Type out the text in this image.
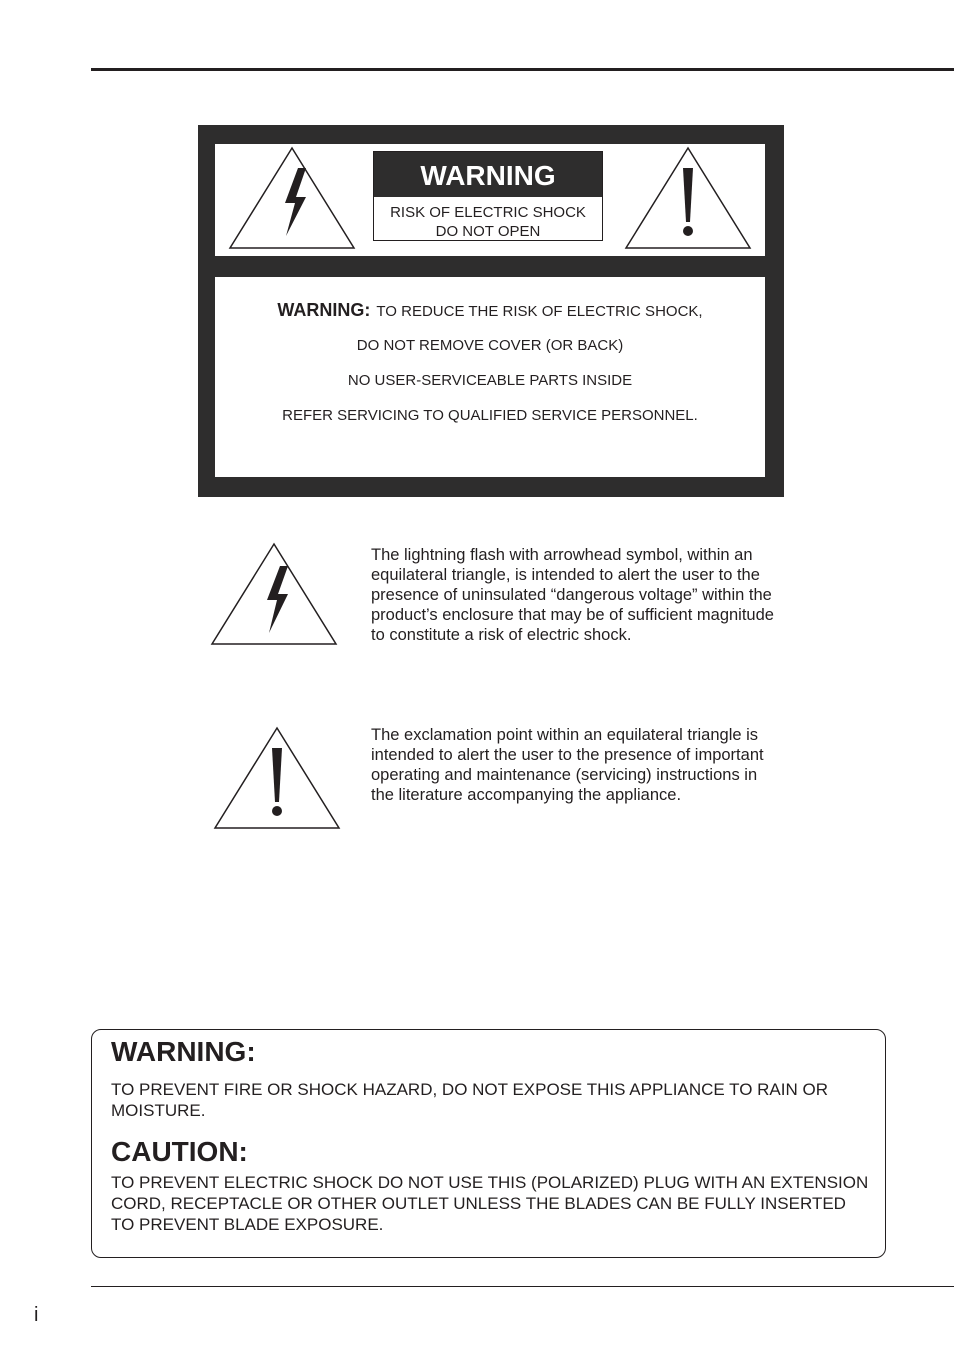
WARNING
RISK OF ELECTRIC SHOCK
DO NOT OPEN
WARNING: TO REDUCE THE RISK OF ELECTRIC SHOCK,
DO NOT REMOVE COVER (OR BACK)
NO USER-SERVICEABLE PARTS INSIDE
REFER SERVICING TO QUALIFIED SERVICE PERSONNEL.
The lightning flash with arrowhead symbol, within an equilateral triangle, is intended to alert the user to the presence of uninsulated “dangerous voltage” within the product’s enclosure that may be of sufficient magnitude to constitute a risk of electric shock.
The exclamation point within an equilateral triangle is intended to alert the user to the presence of important operating and maintenance (servicing) instructions in the literature accompanying the appliance.
WARNING:
TO PREVENT FIRE OR SHOCK HAZARD, DO NOT EXPOSE THIS APPLIANCE TO RAIN OR MOISTURE.
CAUTION:
TO PREVENT ELECTRIC SHOCK DO NOT USE THIS (POLARIZED) PLUG WITH AN EXTENSION CORD, RECEPTACLE OR OTHER OUTLET UNLESS THE BLADES CAN BE FULLY INSERTED TO PREVENT BLADE EXPOSURE.
i
